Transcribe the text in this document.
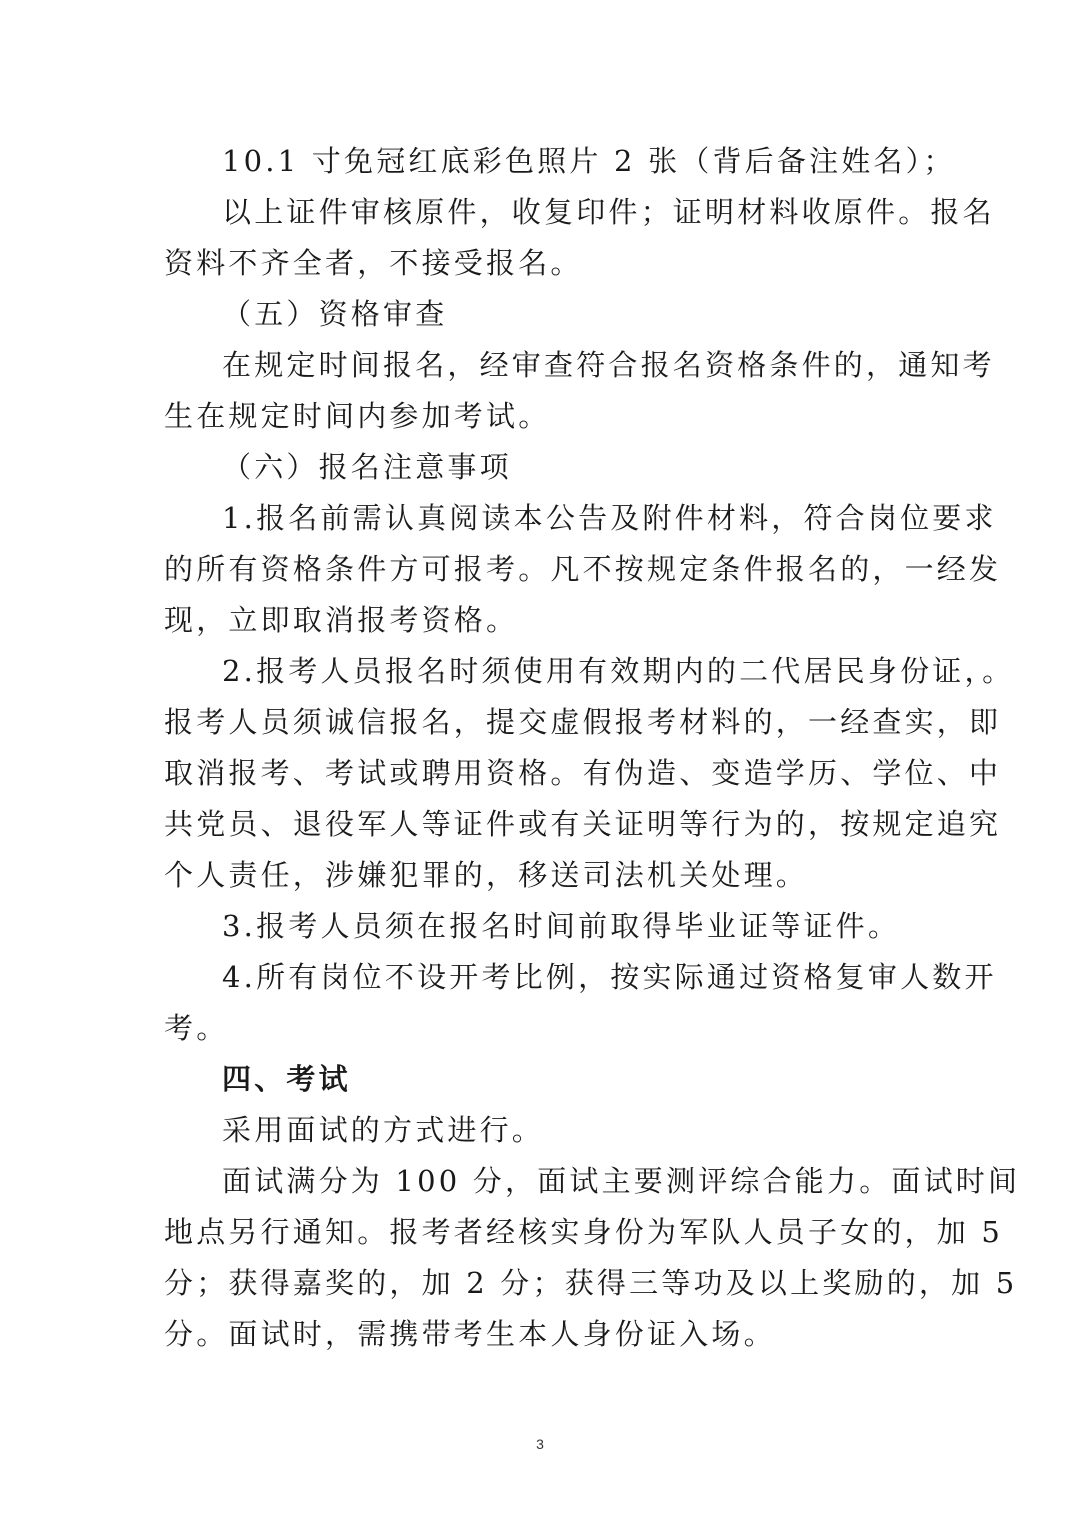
10.1 寸免冠红底彩色照片 2 张（背后备注姓名）；
以上证件审核原件，收复印件；证明材料收原件。报名
资料不齐全者，不接受报名。
（五）资格审查
在规定时间报名，经审查符合报名资格条件的，通知考
生在规定时间内参加考试。
（六）报名注意事项
1.报名前需认真阅读本公告及附件材料，符合岗位要求
的所有资格条件方可报考。凡不按规定条件报名的，一经发
现，立即取消报考资格。
2.报考人员报名时须使用有效期内的二代居民身份证，。
报考人员须诚信报名，提交虚假报考材料的，一经查实，即
取消报考、考试或聘用资格。有伪造、变造学历、学位、中
共党员、退役军人等证件或有关证明等行为的，按规定追究
个人责任，涉嫌犯罪的，移送司法机关处理。
3.报考人员须在报名时间前取得毕业证等证件。
4.所有岗位不设开考比例，按实际通过资格复审人数开
考。
四、考试
采用面试的方式进行。
面试满分为 100 分，面试主要测评综合能力。面试时间
地点另行通知。报考者经核实身份为军队人员子女的，加 5
分；获得嘉奖的，加 2 分；获得三等功及以上奖励的，加 5
分。面试时，需携带考生本人身份证入场。
3
